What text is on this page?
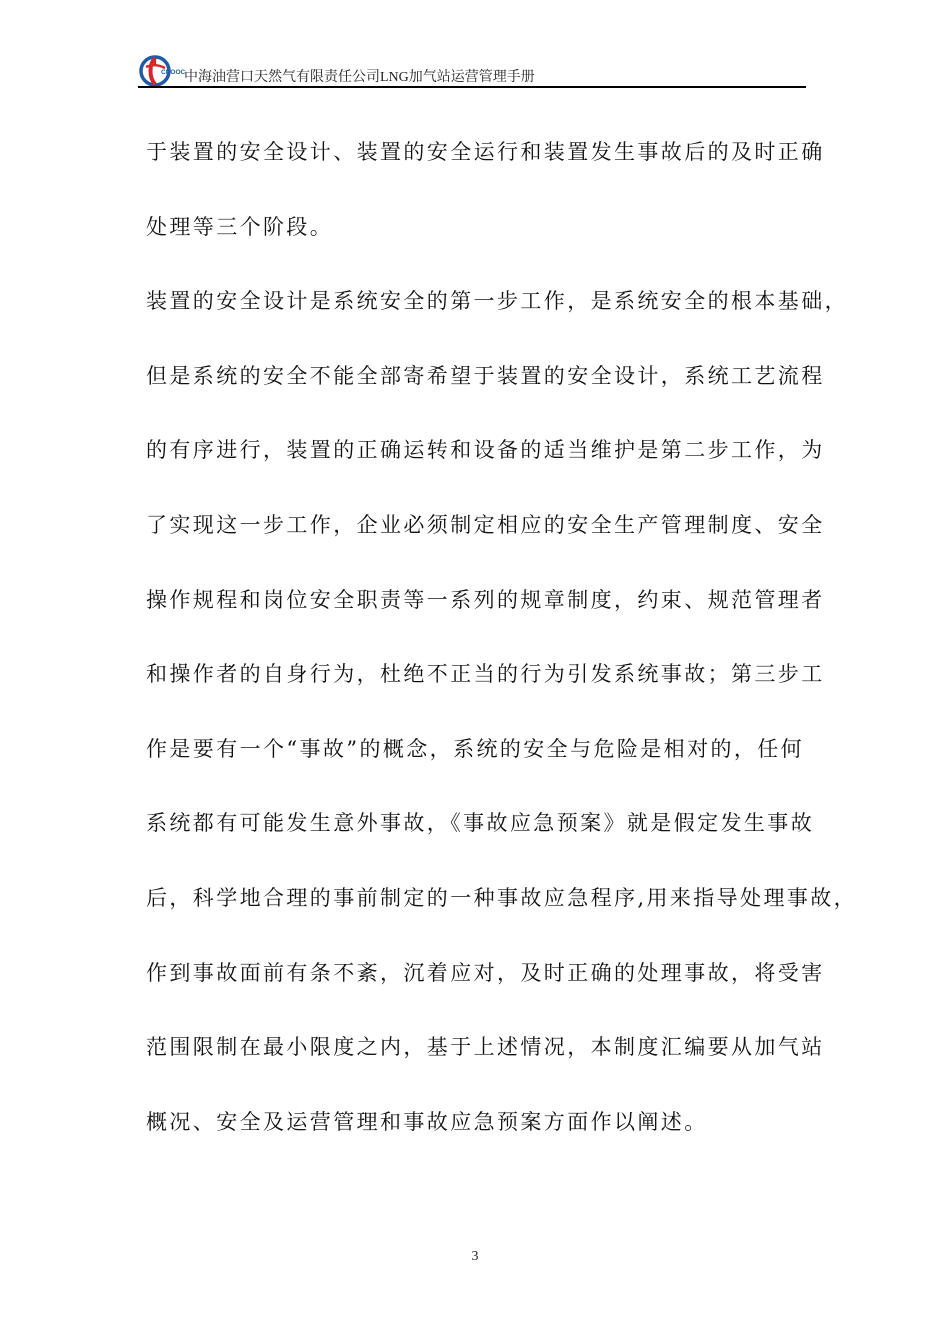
CNOOC
中海油营口天然气有限责任公司LNG加气站运营管理手册
于装置的安全设计、装置的安全运行和装置发生事故后的及时正确
处理等三个阶段。
装置的安全设计是系统安全的第一步工作，是系统安全的根本基础，
但是系统的安全不能全部寄希望于装置的安全设计，系统工艺流程
的有序进行，装置的正确运转和设备的适当维护是第二步工作，为
了实现这一步工作，企业必须制定相应的安全生产管理制度、安全
操作规程和岗位安全职责等一系列的规章制度，约束、规范管理者
和操作者的自身行为，杜绝不正当的行为引发系统事故；第三步工
作是要有一个“事故”的概念，系统的安全与危险是相对的，任何
系统都有可能发生意外事故，《事故应急预案》就是假定发生事故
后，科学地合理的事前制定的一种事故应急程序,用来指导处理事故，
作到事故面前有条不紊，沉着应对，及时正确的处理事故，将受害
范围限制在最小限度之内，基于上述情况，本制度汇编要从加气站
概况、安全及运营管理和事故应急预案方面作以阐述。
3
